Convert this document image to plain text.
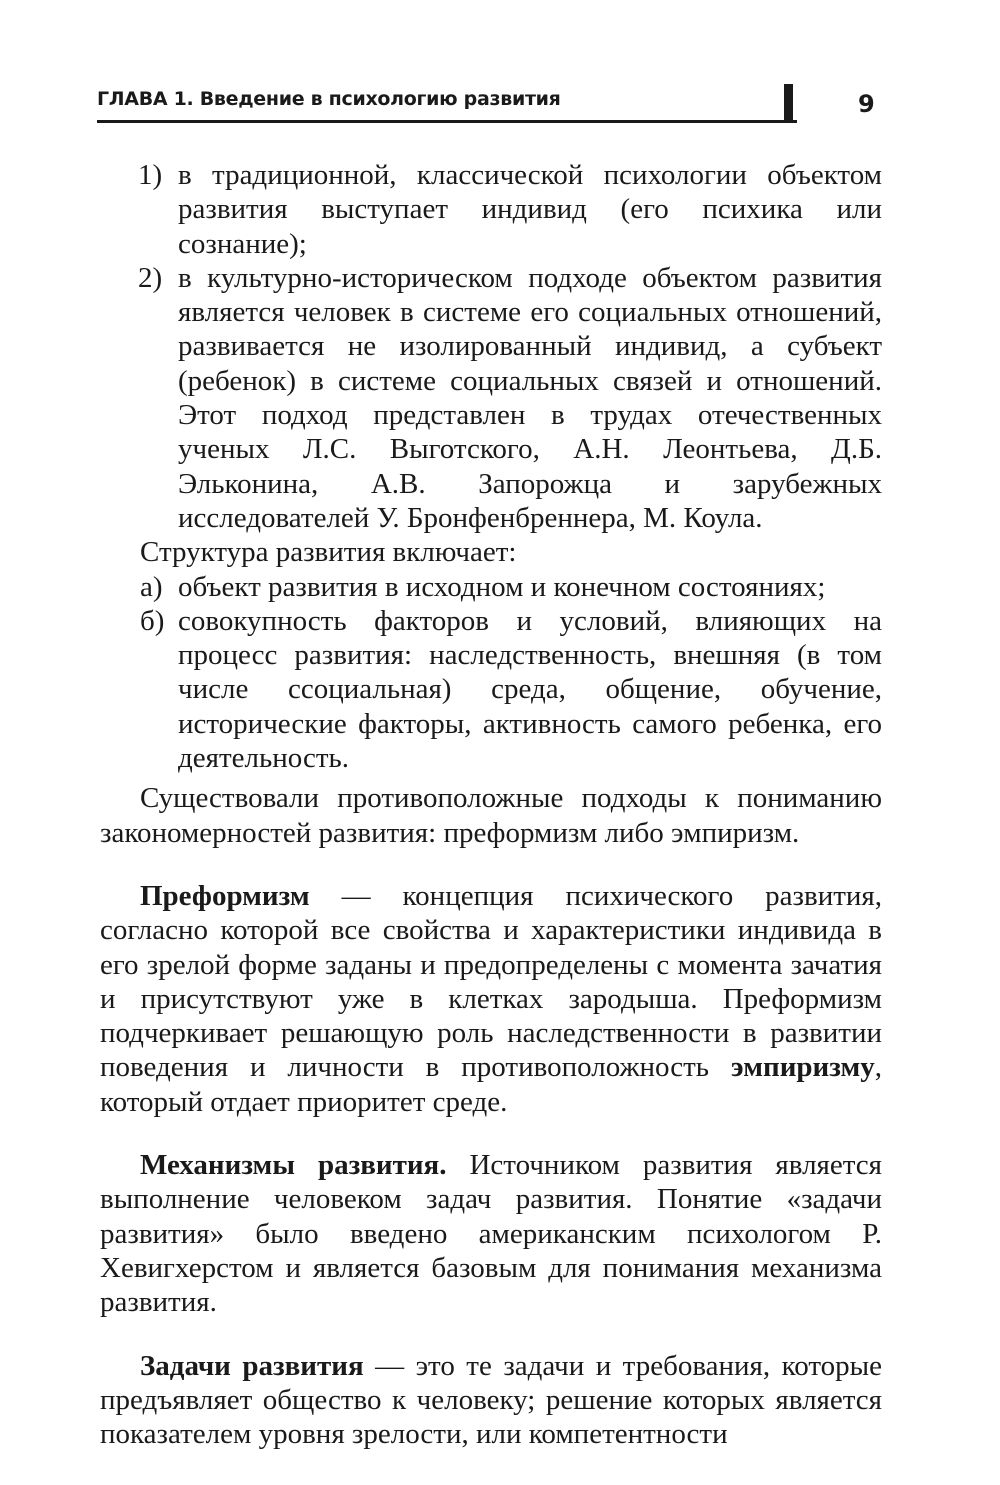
ГЛАВА 1. Введение в психологию развития	9
1) в традиционной, классической психологии объектом развития выступает индивид (его психика или сознание);
2) в культурно-историческом подходе объектом развития является человек в системе его социальных отношений, развивается не изолированный индивид, а субъект (ребенок) в системе социальных связей и отношений. Этот подход представлен в трудах отечественных ученых Л.С. Выготского, А.Н. Леонтьева, Д.Б. Эльконина, А.В. Запорожца и зарубежных исследователей У. Бронфенбреннера, М. Коула.
Структура развития включает:
а) объект развития в исходном и конечном состояниях;
б) совокупность факторов и условий, влияющих на процесс развития: наследственность, внешняя (в том числе ссоциальная) среда, общение, обучение, исторические факторы, активность самого ребенка, его деятельность.

Существовали противоположные подходы к пониманию закономерностей развития: преформизм либо эмпиризм.

Преформизм — концепция психического развития, согласно которой все свойства и характеристики индивида в его зрелой форме заданы и предопределены с момента зачатия и присутствуют уже в клетках зародыша. Преформизм подчеркивает решающую роль наследственности в развитии поведения и личности в противоположность эмпиризму, который отдает приоритет среде.

Механизмы развития. Источником развития является выполнение человеком задач развития. Понятие «задачи развития» было введено американским психологом Р. Хевигхерстом и является базовым для понимания механизма развития.

Задачи развития — это те задачи и требования, которые предъявляет общество к человеку; решение которых является показателем уровня зрелости, или компетентности
